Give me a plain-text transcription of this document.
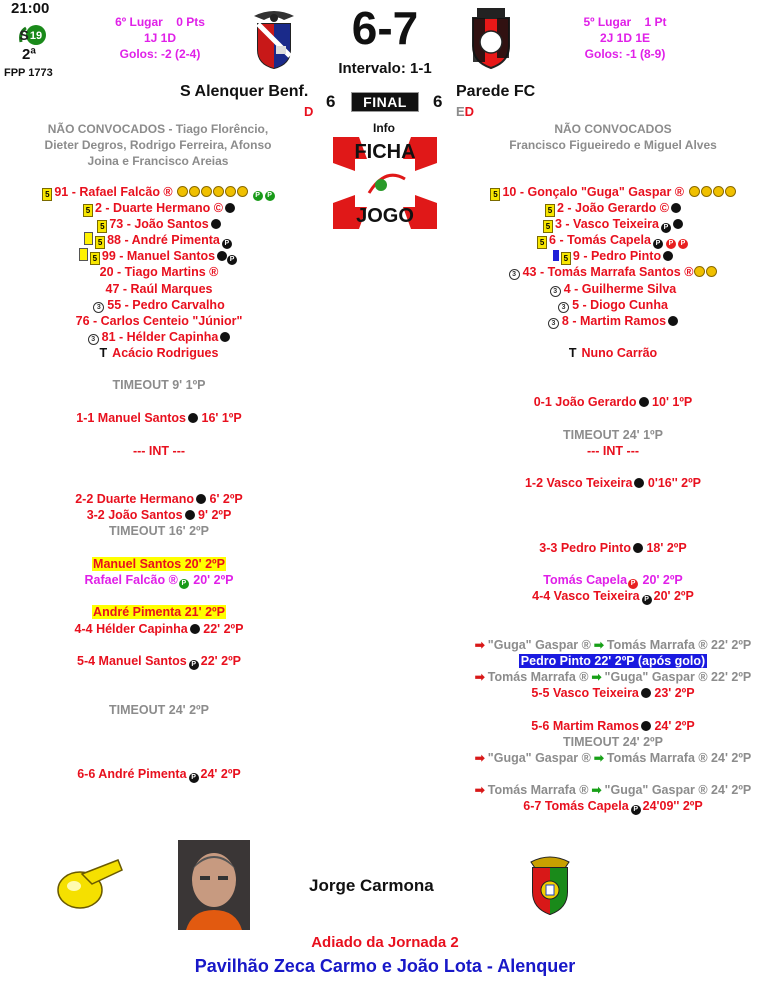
21:00
19
S
2ª
FPP 1773
6º Lugar 0 Pts
1J 1D
Golos: -2 (2-4)	6-7
Intervalo: 1-1
5º Lugar 1 Pt
2J 1D 1E
Golos: -1 (8-9)
S Alenquer Benf.
D
6	FINAL	6
Parede FC
ED
Info
FICHA
JOGO
NÃO CONVOCADOS - Tiago Florêncio, Dieter Degros, Rodrigo Ferreira, Afonso Joina e Francisco Areias
NÃO CONVOCADOS
Francisco Figueiredo e Miguel Alves
5 91 - Rafael Falcão ®	P P
5 2 - Duarte Hermano ©
5 73 - João Santos
5 88 - André Pimenta P
5 99 - Manuel Santos P
20 - Tiago Martins ®
47 - Raúl Marques
3 55 - Pedro Carvalho
76 - Carlos Centeio "Júnior"
3 81 - Hélder Capinha
T Acácio Rodrigues
5 10 - Gonçalo "Guga" Gaspar ®
5 2 - João Gerardo ©
5 3 - Vasco Teixeira P
5 6 - Tomás Capela P P P
5 9 - Pedro Pinto
3 43 - Tomás Marrafa Santos ®
3 4 - Guilherme Silva
3 5 - Diogo Cunha
3 8 - Martim Ramos
T Nuno Carrão
TIMEOUT 9' 1ºP
1-1 Manuel Santos 16' 1ºP
--- INT ---
2-2 Duarte Hermano 6' 2ºP
3-2 João Santos 9' 2ºP
TIMEOUT 16' 2ºP
Manuel Santos 20' 2ºP
Rafael Falcão ® P 20' 2ºP
André Pimenta 21' 2ºP
4-4 Hélder Capinha 22' 2ºP
5-4 Manuel Santos P 22' 2ºP
TIMEOUT 24' 2ºP
6-6 André Pimenta P 24' 2ºP
0-1 João Gerardo 10' 1ºP
TIMEOUT 24' 1ºP
--- INT ---
1-2 Vasco Teixeira 0'16'' 2ºP
3-3 Pedro Pinto 18' 2ºP
Tomás Capela P 20' 2ºP
4-4 Vasco Teixeira P 20' 2ºP
➡ "Guga" Gaspar ® ➡ Tomás Marrafa ® 22' 2ºP
Pedro Pinto 22' 2ºP (após golo)
➡ Tomás Marrafa ® ➡ "Guga" Gaspar ® 22' 2ºP
5-5 Vasco Teixeira 23' 2ºP
5-6 Martim Ramos 24' 2ºP
TIMEOUT 24' 2ºP
➡ "Guga" Gaspar ® ➡ Tomás Marrafa ® 24' 2ºP
➡ Tomás Marrafa ® ➡ "Guga" Gaspar ® 24' 2ºP
6-7 Tomás Capela P 24'09'' 2ºP
Jorge Carmona
Adiado da Jornada 2
Pavilhão Zeca Carmo e João Lota - Alenquer
